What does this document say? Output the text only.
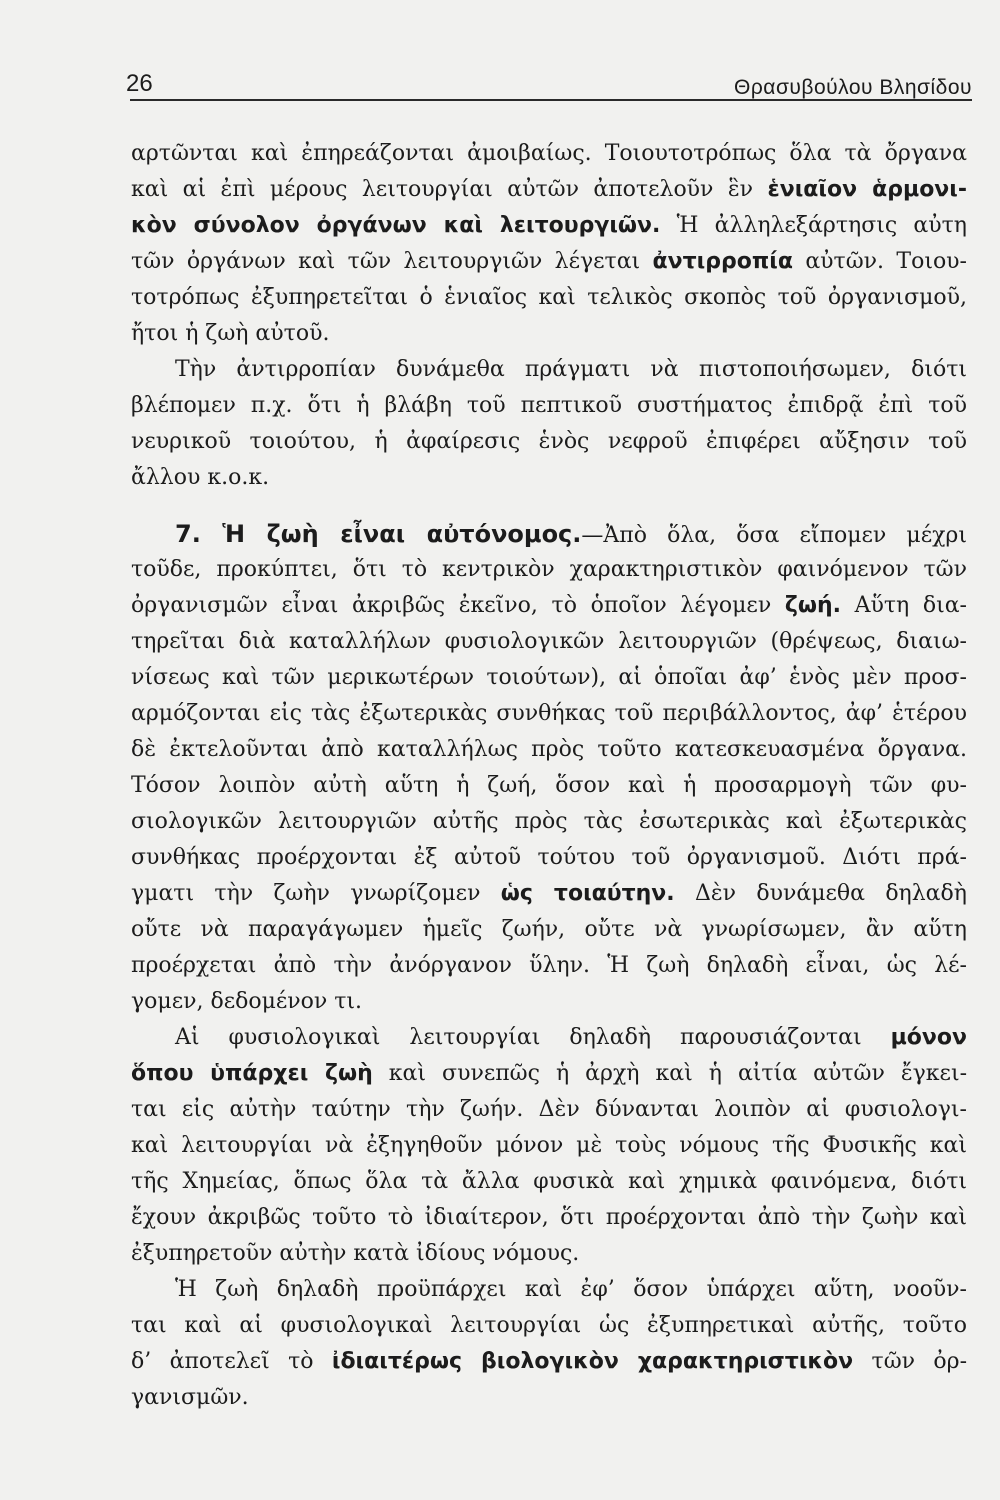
26	Θρασυβούλου Βλησίδου
αρτῶνται καὶ ἐπηρεάζονται ἀμοιβαίως. Τοιουτοτρόπως ὅλα τὰ ὄργανα
καὶ αἱ ἐπὶ μέρους λειτουργίαι αὐτῶν ἀποτελοῦν ἓν ἑνιαῖον ἁρμονι-
κὸν σύνολον ὀργάνων καὶ λειτουργιῶν. Ἡ ἀλληλεξάρτησις αὐτη
τῶν ὀργάνων καὶ τῶν λειτουργιῶν λέγεται ἀντιρροπία αὐτῶν. Τοιου-
τοτρόπως ἐξυπηρετεῖται ὁ ἑνιαῖος καὶ τελικὸς σκοπὸς τοῦ ὀργανισμοῦ,
ἤτοι ἡ ζωὴ αὐτοῦ.
Τὴν ἀντιρροπίαν δυνάμεθα πράγματι νὰ πιστοποιήσωμεν, διότι
βλέπομεν π.χ. ὅτι ἡ βλάβη τοῦ πεπτικοῦ συστήματος ἐπιδρᾷ ἐπὶ τοῦ
νευρικοῦ τοιούτου, ἡ ἀφαίρεσις ἑνὸς νεφροῦ ἐπιφέρει αὔξησιν τοῦ
ἄλλου κ.ο.κ.
7. Ἡ ζωὴ εἶναι αὐτόνομος.—Ἀπὸ ὅλα, ὅσα εἴπομεν μέχρι
τοῦδε, προκύπτει, ὅτι τὸ κεντρικὸν χαρακτηριστικὸν φαινόμενον τῶν
ὀργανισμῶν εἶναι ἀκριβῶς ἐκεῖνο, τὸ ὁποῖον λέγομεν ζωή. Αὕτη δια-
τηρεῖται διὰ καταλλήλων φυσιολογικῶν λειτουργιῶν (θρέψεως, διαιω-
νίσεως καὶ τῶν μερικωτέρων τοιούτων), αἱ ὁποῖαι ἀφ’ ἑνὸς μὲν προσ-
αρμόζονται εἰς τὰς ἐξωτερικὰς συνθήκας τοῦ περιβάλλοντος, ἀφ’ ἑτέρου
δὲ ἐκτελοῦνται ἀπὸ καταλλήλως πρὸς τοῦτο κατεσκευασμένα ὄργανα.
Τόσον λοιπὸν αὐτὴ αὕτη ἡ ζωή, ὅσον καὶ ἡ προσαρμογὴ τῶν φυ-
σιολογικῶν λειτουργιῶν αὐτῆς πρὸς τὰς ἐσωτερικὰς καὶ ἐξωτερικὰς
συνθήκας προέρχονται ἐξ αὐτοῦ τούτου τοῦ ὀργανισμοῦ. Διότι πρά-
γματι τὴν ζωὴν γνωρίζομεν ὡς τοιαύτην. Δὲν δυνάμεθα δηλαδὴ
οὔτε νὰ παραγάγωμεν ἡμεῖς ζωήν, οὔτε νὰ γνωρίσωμεν, ἂν αὕτη
προέρχεται ἀπὸ τὴν ἀνόργανον ὕλην. Ἡ ζωὴ δηλαδὴ εἶναι, ὡς λέ-
γομεν, δεδομένον τι.
Αἱ φυσιολογικαὶ λειτουργίαι δηλαδὴ παρουσιάζονται μόνον
ὅπου ὑπάρχει ζωὴ καὶ συνεπῶς ἡ ἀρχὴ καὶ ἡ αἰτία αὐτῶν ἔγκει-
ται εἰς αὐτὴν ταύτην τὴν ζωήν. Δὲν δύνανται λοιπὸν αἱ φυσιολογι-
καὶ λειτουργίαι νὰ ἐξηγηθοῦν μόνον μὲ τοὺς νόμους τῆς Φυσικῆς καὶ
τῆς Χημείας, ὅπως ὅλα τὰ ἄλλα φυσικὰ καὶ χημικὰ φαινόμενα, διότι
ἔχουν ἀκριβῶς τοῦτο τὸ ἰδιαίτερον, ὅτι προέρχονται ἀπὸ τὴν ζωὴν καὶ
ἐξυπηρετοῦν αὐτὴν κατὰ ἰδίους νόμους.
Ἡ ζωὴ δηλαδὴ προϋπάρχει καὶ ἐφ’ ὅσον ὑπάρχει αὕτη, νοοῦν-
ται καὶ αἱ φυσιολογικαὶ λειτουργίαι ὡς ἐξυπηρετικαὶ αὐτῆς, τοῦτο
δ’ ἀποτελεῖ τὸ ἰδιαιτέρως βιολογικὸν χαρακτηριστικὸν τῶν ὀρ-
γανισμῶν.
